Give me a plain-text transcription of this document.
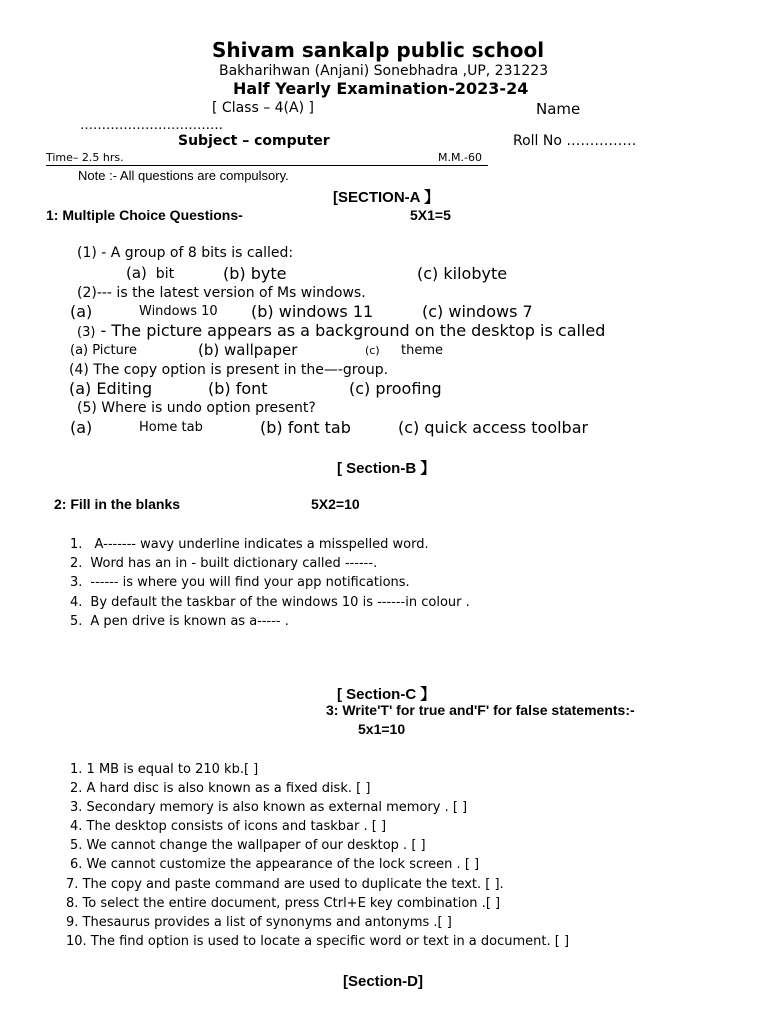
Shivam sankalp public school
Bakharihwan (Anjani) Sonebhadra ,UP, 231223
Half Yearly Examination-2023-24
[ Class – 4(A) ]	Name
……………………………
Subject – computer	Roll No ……………
Time– 2.5 hrs.	M.M.-60
Note :- All questions are compulsory.
[SECTION-A 】
1: Multiple Choice Questions-	5X1=5
(1) - A group of 8 bits is called:
(a)  bit	(b) byte	(c) kilobyte
(2)--- is the latest version of Ms windows.
(a)	Windows 10 (b) windows 11	(c) windows 7
(3) - The picture appears as a background on the desktop is called
(a) Picture	(b) wallpaper	(c) theme
(4) The copy option is present in the—-group.
(a) Editing	(b) font	(c) proofing
(5) Where is undo option present?
(a)	Home tab	(b) font tab	(c) quick access toolbar
[ Section-B 】
2: Fill in the blanks	5X2=10
1. A------- wavy underline indicates a misspelled word.
2. Word has an in - built dictionary called ------.
3. ------ is where you will find your app notifications.
4. By default the taskbar of the windows 10 is ------in colour .
5. A pen drive is known as a----- .
[ Section-C 】
3: Write'T' for true and'F' for false statements:-
5x1=10
1. 1 MB is equal to 210 kb.[ ]
2. A hard disc is also known as a fixed disk. [ ]
3. Secondary memory is also known as external memory . [ ]
4. The desktop consists of icons and taskbar . [ ]
5. We cannot change the wallpaper of our desktop . [ ]
6. We cannot customize the appearance of the lock screen . [ ]
7. The copy and paste command are used to duplicate the text. [ ].
8. To select the entire document, press Ctrl+E key combination .[ ]
9. Thesaurus provides a list of synonyms and antonyms .[ ]
10. The find option is used to locate a specific word or text in a document. [ ]
[Section-D]
